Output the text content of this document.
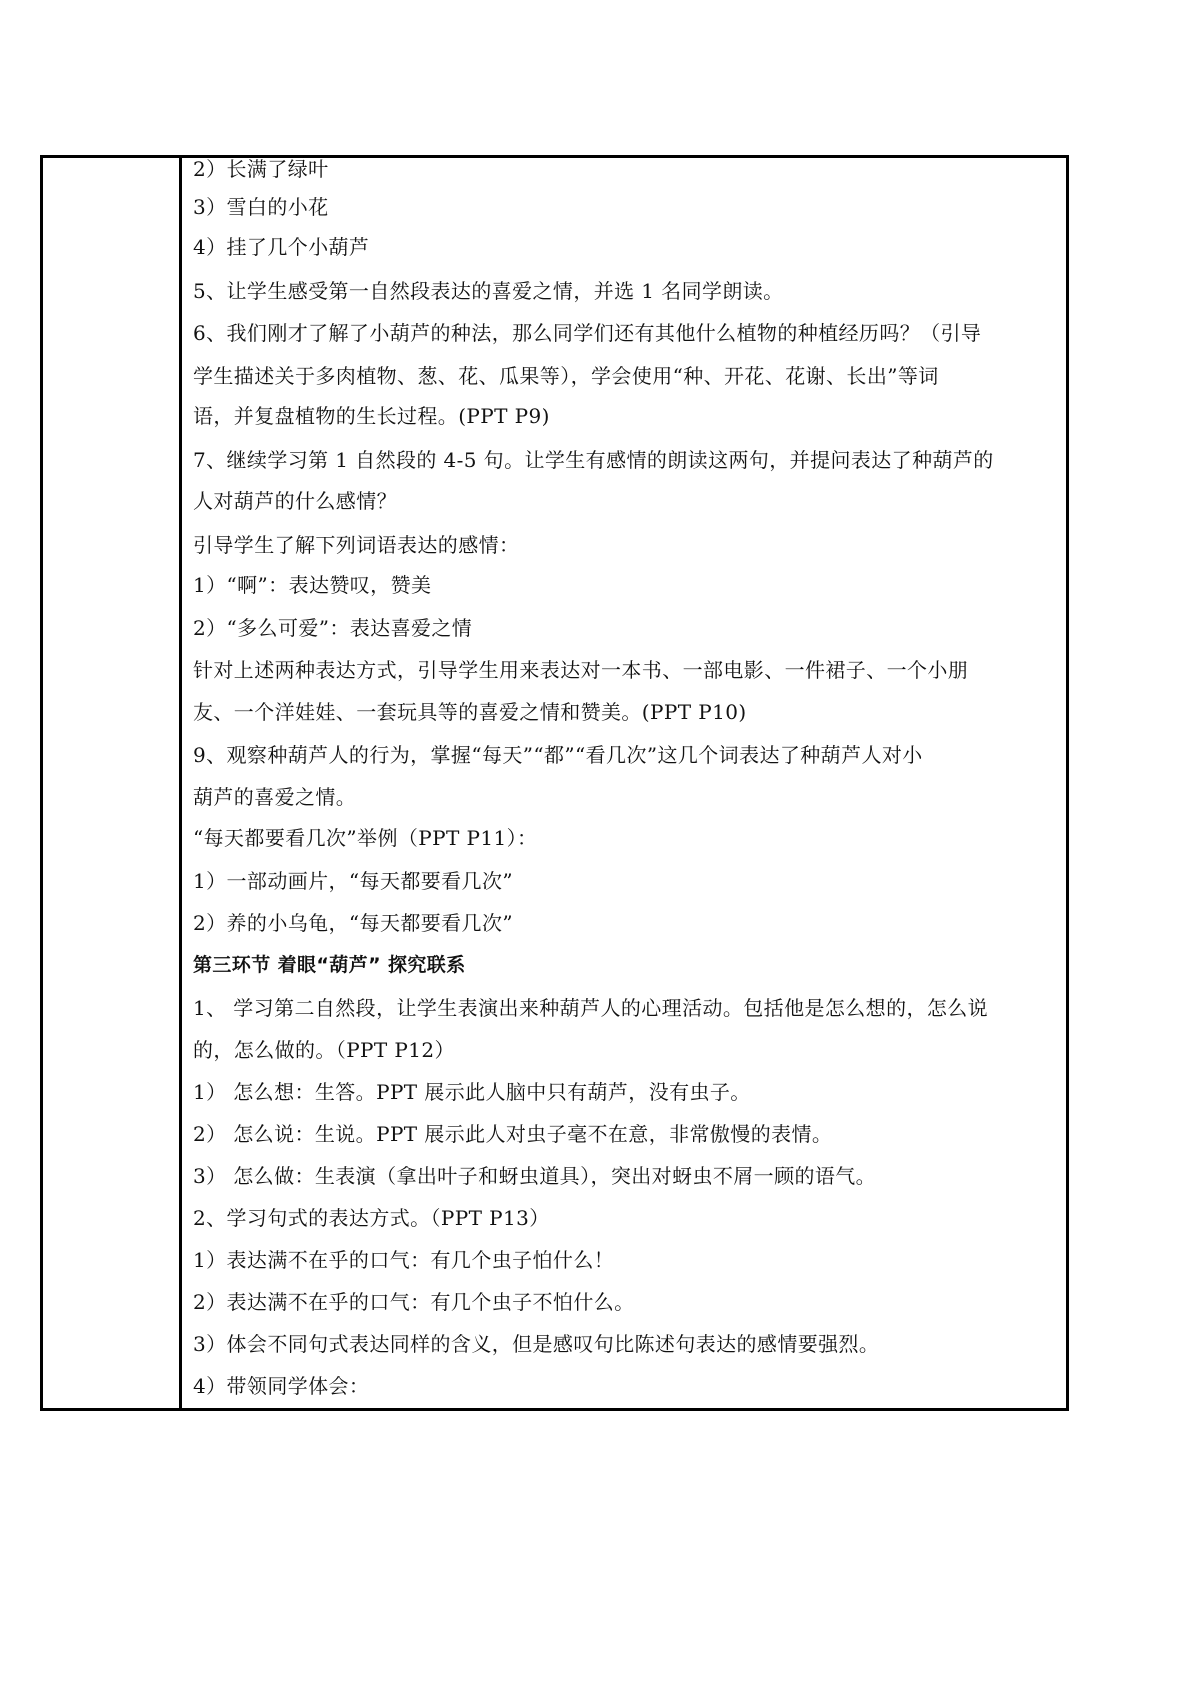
2）长满了绿叶
3）雪白的小花
4）挂了几个小葫芦
5、让学生感受第一自然段表达的喜爱之情，并选 1 名同学朗读。
6、我们刚才了解了小葫芦的种法，那么同学们还有其他什么植物的种植经历吗？（引导
学生描述关于多肉植物、葱、花、瓜果等），学会使用“种、开花、花谢、长出”等词
语，并复盘植物的生长过程。(PPT P9)
7、继续学习第 1 自然段的 4-5 句。让学生有感情的朗读这两句，并提问表达了种葫芦的
人对葫芦的什么感情？
引导学生了解下列词语表达的感情：
1）“啊”：表达赞叹，赞美
2）“多么可爱”：表达喜爱之情
针对上述两种表达方式，引导学生用来表达对一本书、一部电影、一件裙子、一个小朋
友、一个洋娃娃、一套玩具等的喜爱之情和赞美。(PPT P10)
9、观察种葫芦人的行为，掌握“每天”“都”“看几次”这几个词表达了种葫芦人对小
葫芦的喜爱之情。
“每天都要看几次”举例（PPT P11）：
1）一部动画片，“每天都要看几次”
2）养的小乌龟，“每天都要看几次”
第三环节 着眼“葫芦” 探究联系
1、 学习第二自然段，让学生表演出来种葫芦人的心理活动。包括他是怎么想的，怎么说
的，怎么做的。（PPT P12）
1） 怎么想：生答。PPT 展示此人脑中只有葫芦，没有虫子。
2） 怎么说：生说。PPT 展示此人对虫子毫不在意，非常傲慢的表情。
3） 怎么做：生表演（拿出叶子和蚜虫道具），突出对蚜虫不屑一顾的语气。
2、学习句式的表达方式。（PPT P13）
1）表达满不在乎的口气：有几个虫子怕什么！
2）表达满不在乎的口气：有几个虫子不怕什么。
3）体会不同句式表达同样的含义，但是感叹句比陈述句表达的感情要强烈。
4）带领同学体会：
